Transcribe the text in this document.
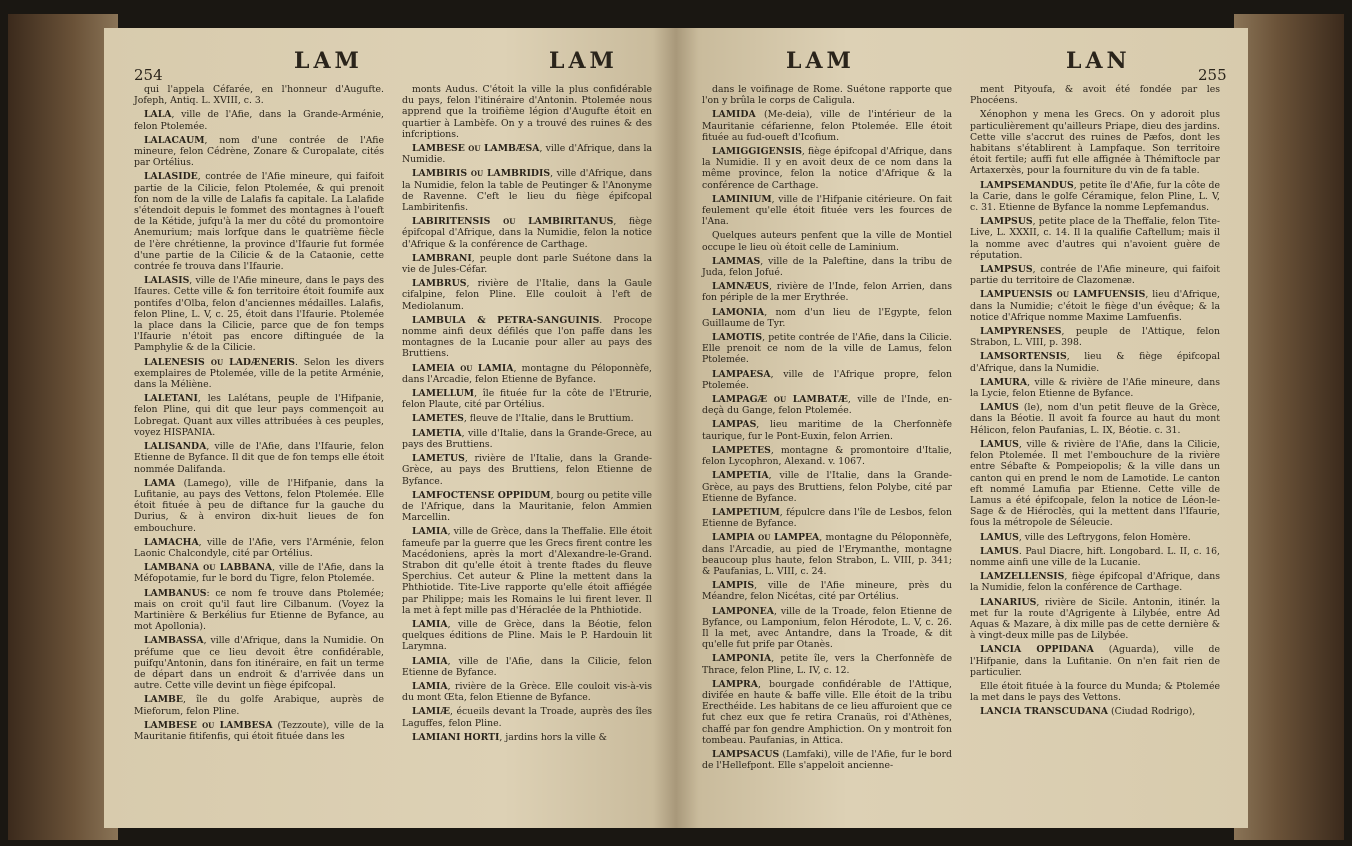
254
LAM	LAM

qui l'appela Céfarée, en l'honneur d'Augufte. Jofeph, Antiq. L. XVIII, c. 3.

LALA, ville de l'Afie, dans la Grande-Arménie, felon Ptolemée.

LALACAUM, nom d'une contrée de l'Afie mineure, felon Cédrène, Zonare & Curopalate, cités par Ortélius.

LALASIDE, contrée de l'Afie mineure, qui faifoit partie de la Cilicie, felon Ptolemée, & qui prenoit fon nom de la ville de Lalafis fa capitale. La Lalafide s'étendoit depuis le fommet des montagnes à l'oueft de la Kétide, jufqu'à la mer du côté du promontoire Anemurium; mais lorfque dans le quatrième fiècle de l'ère chrétienne, la province d'Ifaurie fut formée d'une partie de la Cilicie & de la Cataonie, cette contrée fe trouva dans l'Ifaurie.

LALASIS, ville de l'Afie mineure, dans le pays des Ifaures. Cette ville & fon territoire étoit foumife aux pontifes d'Olba, felon d'anciennes médailles. Lalafis, felon Pline, L. V, c. 25, étoit dans l'Ifaurie. Ptolemée la place dans la Cilicie, parce que de fon temps l'Ifaurie n'étoit pas encore diftinguée de la Pamphylie & de la Cilicie.

LALENESIS ou LADÆNERIS. Selon les divers exemplaires de Ptolemée, ville de la petite Arménie, dans la Méliène.

LALETANI, les Lalétans, peuple de l'Hifpanie, felon Pline, qui dit que leur pays commençoit au Lobregat. Quant aux villes attribuées à ces peuples, voyez HISPANIA.

LALISANDA, ville de l'Afie, dans l'Ifaurie, felon Etienne de Byfance. Il dit que de fon temps elle étoit nommée Dalifanda.

LAMA (Lamego), ville de l'Hifpanie, dans la Lufitanie, au pays des Vettons, felon Ptolemée. Elle étoit fituée à peu de diftance fur la gauche du Durius, & à environ dix-huit lieues de fon embouchure.

LAMACHA, ville de l'Afie, vers l'Arménie, felon Laonic Chalcondyle, cité par Ortélius.

LAMBANA ou LABBANA, ville de l'Afie, dans la Méfopotamie, fur le bord du Tigre, felon Ptolemée.

LAMBANUS: ce nom fe trouve dans Ptolemée; mais on croit qu'il faut lire Cilbanum. (Voyez la Martinière & Berkélius fur Etienne de Byfance, au mot Apollonia).

LAMBASSA, ville d'Afrique, dans la Numidie. On préfume que ce lieu devoit être confidérable, puifqu'Antonin, dans fon itinéraire, en fait un terme de départ dans un endroit & d'arrivée dans un autre. Cette ville devint un fiège épifcopal.

LAMBE, île du golfe Arabique, auprès de Mieforum, felon Pline.

LAMBESE ou LAMBESA (Tezzoute), ville de la Mauritanie fitifenfis, qui étoit fituée dans les

monts Audus. C'étoit la ville la plus confidérable du pays, felon l'itinéraire d'Antonin. Ptolemée nous apprend que la troifième légion d'Augufte étoit en quartier à Lambèfe. On y a trouvé des ruines & des infcriptions.

LAMBESE ou LAMBÆSA, ville d'Afrique, dans la Numidie.

LAMBIRIS ou LAMBRIDIS, ville d'Afrique, dans la Numidie, felon la table de Peutinger & l'Anonyme de Ravenne. C'eft le lieu du fiège épifcopal Lambiritenfis.

LABIRITENSIS ou LAMBIRITANUS, fiège épifcopal d'Afrique, dans la Numidie, felon la notice d'Afrique & la conférence de Carthage.

LAMBRANI, peuple dont parle Suétone dans la vie de Jules-Céfar.

LAMBRUS, rivière de l'Italie, dans la Gaule cifalpine, felon Pline. Elle couloit à l'eft de Mediolanum.

LAMBULA & PETRA-SANGUINIS. Procope nomme ainfi deux défilés que l'on paffe dans les montagnes de la Lucanie pour aller au pays des Bruttiens.

LAMEIA ou LAMIA, montagne du Péloponnèfe, dans l'Arcadie, felon Etienne de Byfance.

LAMELLUM, île fituée fur la côte de l'Etrurie, felon Plaute, cité par Ortélius.

LAMETES, fleuve de l'Italie, dans le Bruttium.

LAMETIA, ville d'Italie, dans la Grande-Grece, au pays des Bruttiens.

LAMETUS, rivière de l'Italie, dans la Grande-Grèce, au pays des Bruttiens, felon Etienne de Byfance.

LAMFOCTENSE OPPIDUM, bourg ou petite ville de l'Afrique, dans la Mauritanie, felon Ammien Marcellin.

LAMIA, ville de Grèce, dans la Theffalie. Elle étoit fameufe par la guerre que les Grecs firent contre les Macédoniens, après la mort d'Alexandre-le-Grand. Strabon dit qu'elle étoit à trente ftades du fleuve Sperchius. Cet auteur & Pline la mettent dans la Phthiotide. Tite-Live rapporte qu'elle étoit affiégée par Philippe; mais les Romains le lui firent lever. Il la met à fept mille pas d'Héraclée de la Phthiotide.

LAMIA, ville de Grèce, dans la Béotie, felon quelques éditions de Pline. Mais le P. Hardouin lit Larymna.

LAMIA, ville de l'Afie, dans la Cilicie, felon Etienne de Byfance.

LAMIA, rivière de la Grèce. Elle couloit vis-à-vis du mont Œta, felon Etienne de Byfance.

LAMIÆ, écueils devant la Troade, auprès des îles Laguffes, felon Pline.

LAMIANI HORTI, jardins hors la ville &

LAM	LAN
255

dans le voifinage de Rome. Suétone rapporte que l'on y brûla le corps de Caligula.

LAMIDA (Me-deia), ville de l'intérieur de la Mauritanie céfarienne, felon Ptolemée. Elle étoit fituée au fud-oueft d'Icofium.

LAMIGGIGENSIS, fiège épifcopal d'Afrique, dans la Numidie. Il y en avoit deux de ce nom dans la même province, felon la notice d'Afrique & la conférence de Carthage.

LAMINIUM, ville de l'Hifpanie citérieure. On fait feulement qu'elle étoit fituée vers les fources de l'Ana.

Quelques auteurs penfent que la ville de Montiel occupe le lieu où étoit celle de Laminium.

LAMMAS, ville de la Paleftine, dans la tribu de Juda, felon Jofué.

LAMNÆUS, rivière de l'Inde, felon Arrien, dans fon périple de la mer Erythrée.

LAMONIA, nom d'un lieu de l'Egypte, felon Guillaume de Tyr.

LAMOTIS, petite contrée de l'Afie, dans la Cilicie. Elle prenoit ce nom de la ville de Lamus, felon Ptolemée.

LAMPAESA, ville de l'Afrique propre, felon Ptolemée.

LAMPAGÆ ou LAMBATÆ, ville de l'Inde, en-deçà du Gange, felon Ptolemée.

LAMPAS, lieu maritime de la Cherfonnèfe taurique, fur le Pont-Euxin, felon Arrien.

LAMPETES, montagne & promontoire d'Italie, felon Lycophron, Alexand. v. 1067.

LAMPETIA, ville de l'Italie, dans la Grande-Grèce, au pays des Bruttiens, felon Polybe, cité par Etienne de Byfance.

LAMPETIUM, fépulcre dans l'île de Lesbos, felon Etienne de Byfance.

LAMPIA ou LAMPEA, montagne du Péloponnèfe, dans l'Arcadie, au pied de l'Erymanthe, montagne beaucoup plus haute, felon Strabon, L. VIII, p. 341; & Paufanias, L. VIII, c. 24.

LAMPIS, ville de l'Afie mineure, près du Méandre, felon Nicétas, cité par Ortélius.

LAMPONEA, ville de la Troade, felon Etienne de Byfance, ou Lamponium, felon Hérodote, L. V, c. 26. Il la met, avec Antandre, dans la Troade, & dit qu'elle fut prife par Otanès.

LAMPONIA, petite île, vers la Cherfonnèfe de Thrace, felon Pline, L. IV, c. 12.

LAMPRA, bourgade confidérable de l'Attique, divifée en haute & baffe ville. Elle étoit de la tribu Erecthéide. Les habitans de ce lieu affuroient que ce fut chez eux que fe retira Cranaüs, roi d'Athènes, chaffé par fon gendre Amphiction. On y montroit fon tombeau. Paufanias, in Attica.

LAMPSACUS (Lamfaki), ville de l'Afie, fur le bord de l'Hellefpont. Elle s'appeloit ancienne-

ment Pityoufa, & avoit été fondée par les Phocéens.

Xénophon y mena les Grecs. On y adoroit plus particulièrement qu'ailleurs Priape, dieu des jardins. Cette ville s'accrut des ruines de Pæfos, dont les habitans s'établirent à Lampfaque. Son territoire étoit fertile; auffi fut elle affignée à Thémiftocle par Artaxerxès, pour la fourniture du vin de fa table.

LAMPSEMANDUS, petite île d'Afie, fur la côte de la Carie, dans le golfe Céramique, felon Pline, L. V, c. 31. Etienne de Byfance la nomme Lepfemandus.

LAMPSUS, petite place de la Theffalie, felon Tite-Live, L. XXXII, c. 14. Il la qualifie Caftellum; mais il la nomme avec d'autres qui n'avoient guère de réputation.

LAMPSUS, contrée de l'Afie mineure, qui faifoit partie du territoire de Clazomenæ.

LAMPUENSIS ou LAMFUENSIS, lieu d'Afrique, dans la Numidie; c'étoit le fiège d'un évêque; & la notice d'Afrique nomme Maxime Lamfuenfis.

LAMPYRENSES, peuple de l'Attique, felon Strabon, L. VIII, p. 398.

LAMSORTENSIS, lieu & fiège épifcopal d'Afrique, dans la Numidie.

LAMURA, ville & rivière de l'Afie mineure, dans la Lycie, felon Etienne de Byfance.

LAMUS (le), nom d'un petit fleuve de la Grèce, dans la Béotie. Il avoit fa fource au haut du mont Hélicon, felon Paufanias, L. IX, Béotie. c. 31.

LAMUS, ville & rivière de l'Afie, dans la Cilicie, felon Ptolemée. Il met l'embouchure de la rivière entre Sébafte & Pompeiopolis; & la ville dans un canton qui en prend le nom de Lamotide. Le canton eft nommé Lamufia par Etienne. Cette ville de Lamus a été épifcopale, felon la notice de Léon-le-Sage & de Hiéroclès, qui la mettent dans l'Ifaurie, fous la métropole de Séleucie.

LAMUS, ville des Leftrygons, felon Homère.

LAMUS. Paul Diacre, hift. Longobard. L. II, c. 16, nomme ainfi une ville de la Lucanie.

LAMZELLENSIS, fiège épifcopal d'Afrique, dans la Numidie, felon la conférence de Carthage.

LANARIUS, rivière de Sicile. Antonin, itinér. la met fur la route d'Agrigente à Lilybée, entre Ad Aquas & Mazare, à dix mille pas de cette dernière & à vingt-deux mille pas de Lilybée.

LANCIA OPPIDANA (Aguarda), ville de l'Hifpanie, dans la Lufitanie. On n'en fait rien de particulier.

Elle étoit fituée à la fource du Munda; & Ptolemée la met dans le pays des Vettons.

LANCIA TRANSCUDANA (Ciudad Rodrigo),
